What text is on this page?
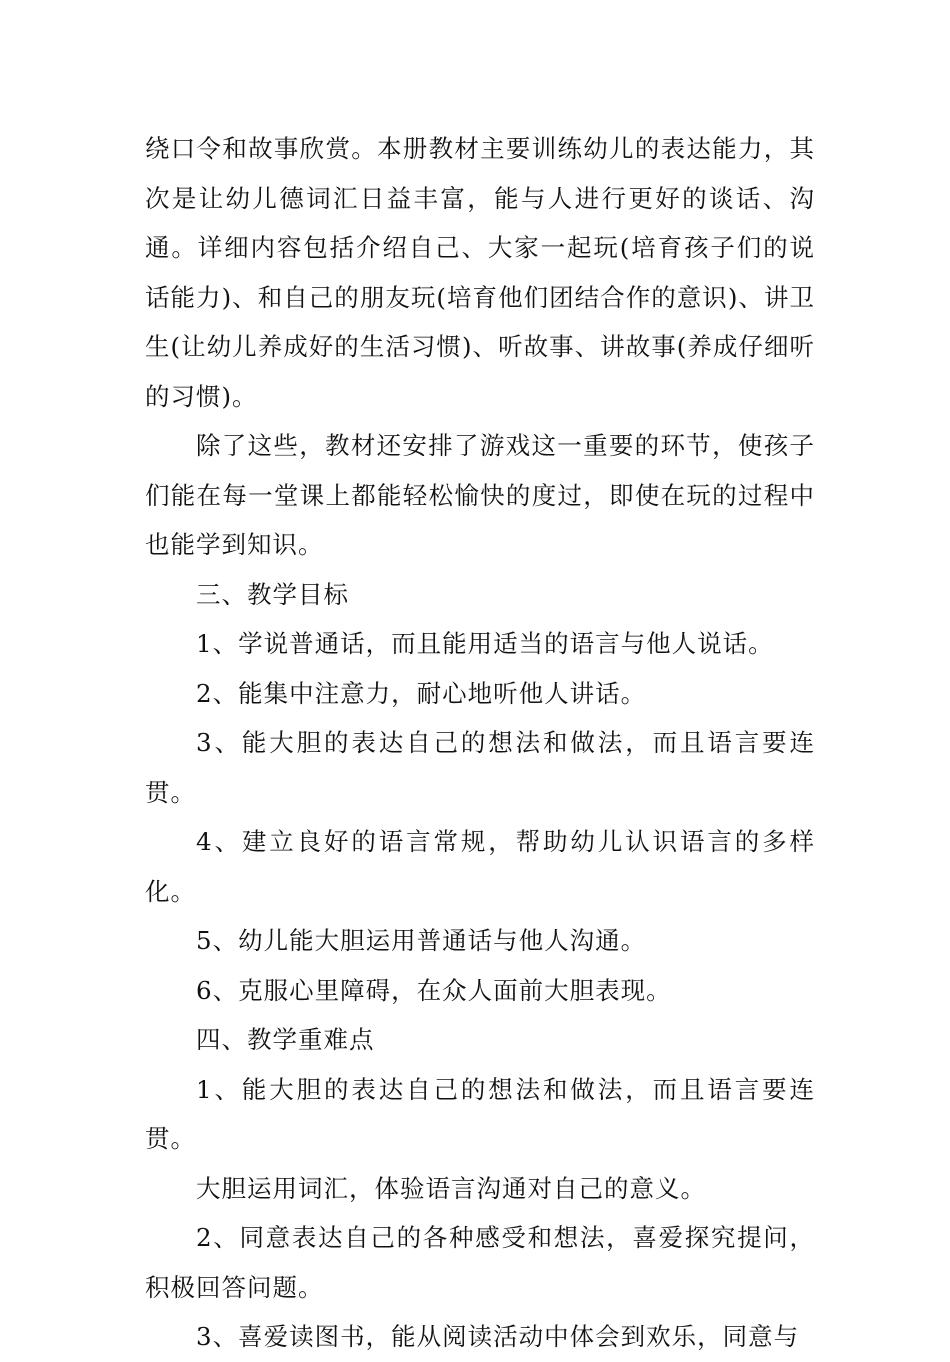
绕口令和故事欣赏。本册教材主要训练幼儿的表达能力，其次是让幼儿德词汇日益丰富，能与人进行更好的谈话、沟通。详细内容包括介绍自己、大家一起玩(培育孩子们的说话能力)、和自己的朋友玩(培育他们团结合作的意识)、讲卫生(让幼儿养成好的生活习惯)、听故事、讲故事(养成仔细听的习惯)。

除了这些，教材还安排了游戏这一重要的环节，使孩子们能在每一堂课上都能轻松愉快的度过，即使在玩的过程中也能学到知识。

三、教学目标

1、学说普通话，而且能用适当的语言与他人说话。

2、能集中注意力，耐心地听他人讲话。

3、能大胆的表达自己的想法和做法，而且语言要连贯。

4、建立良好的语言常规，帮助幼儿认识语言的多样化。

5、幼儿能大胆运用普通话与他人沟通。

6、克服心里障碍，在众人面前大胆表现。

四、教学重难点

1、能大胆的表达自己的想法和做法，而且语言要连贯。

大胆运用词汇，体验语言沟通对自己的意义。

2、同意表达自己的各种感受和想法，喜爱探究提问，积极回答问题。

3、喜爱读图书，能从阅读活动中体会到欢乐，同意与
